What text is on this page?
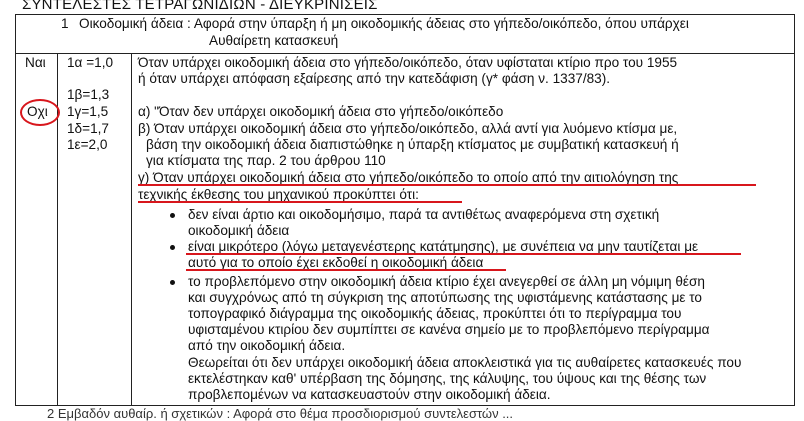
ΣΥΝΤΕΛΕΣΤΕΣ ΤΕΤΡΑΓΩΝΙΔΙΩΝ - ΔΙΕΥΚΡΙΝΙΣΕΙΣ
1 Οικοδομική άδεια : Αφορά στην ύπαρξη ή μη οικοδομικής άδειας στο γήπεδο/οικόπεδο, όπου υπάρχει
Αυθαίρετη κατασκευή
Ναι
Οχι
1α =1,0
1β=1,3
1γ=1,5
1δ=1,7
1ε=2,0
Όταν υπάρχει οικοδομική άδεια στο γήπεδο/οικόπεδο, όταν υφίσταται κτίριο προ του 1955
ή όταν υπάρχει απόφαση εξαίρεσης από την κατεδάφιση (γ* φάση ν. 1337/83).
α) "Όταν δεν υπάρχει οικοδομική άδεια στο γήπεδο/οικόπεδο
β) Όταν υπάρχει οικοδομική άδεια στο γήπεδο/οικόπεδο, αλλά αντί για λυόμενο κτίσμα με,
βάση την οικοδομική άδεια διαπιστώθηκε η ύπαρξη κτίσματος με συμβατική κατασκευή ή
για κτίσματα της παρ. 2 του άρθρου 110
γ) Όταν υπάρχει οικοδομική άδεια στο γήπεδο/οικόπεδο το οποίο από την αιτιολόγηση της
τεχνικής έκθεσης του μηχανικού προκύπτει ότι:
δεν είναι άρτιο και οικοδομήσιμο, παρά τα αντιθέτως αναφερόμενα στη σχετική
οικοδομική άδεια
είναι μικρότερο (λόγω μεταγενέστερης κατάτμησης), με συνέπεια να μην ταυτίζεται με
αυτό για το οποίο έχει εκδοθεί η οικοδομική άδεια
το προβλεπόμενο στην οικοδομική άδεια κτίριο έχει ανεγερθεί σε άλλη μη νόμιμη θέση
και συγχρόνως από τη σύγκριση της αποτύπωσης της υφιστάμενης κατάστασης με το
τοπογραφικό διάγραμμα της οικοδομικής άδειας, προκύπτει ότι το περίγραμμα του
υφισταμένου κτιρίου δεν συμπίπτει σε κανένα σημείο με το προβλεπόμενο περίγραμμα
από την οικοδομική άδεια.
Θεωρείται ότι δεν υπάρχει οικοδομική άδεια αποκλειστικά για τις αυθαίρετες κατασκευές που
εκτελέστηκαν καθ' υπέρβαση της δόμησης, της κάλυψης, του ύψους και της θέσης των
προβλεπομένων να κατασκευαστούν στην οικοδομική άδεια.
2 Εμβαδόν αυθαίρ. ή σχετικών : Αφορά στο θέμα προσδιορισμού συντελεστών ...
